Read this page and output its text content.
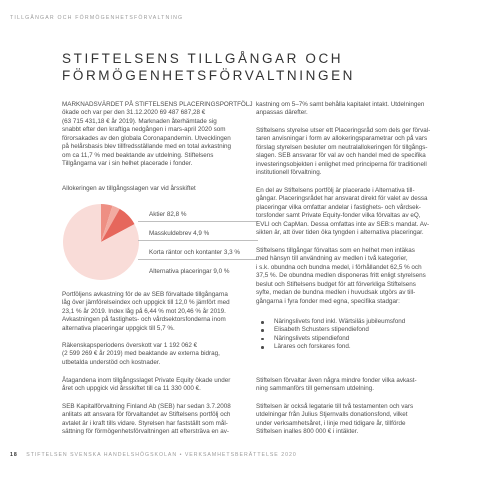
TILLGÅNGAR OCH FÖRMÖGENHETSFÖRVALTNING
STIFTELSENS TILLGÅNGAR OCH
FÖRMÖGENHETSFÖRVALTNINGEN

MARKNADSVÄRDET PÅ STIFTELSENS PLACERINGSPORTFÖLJ

ökade och var per den 31.12.2020 69 487 687,28 €

(63 715 431,18 € år 2019). Marknaden återhämtade sig

snabbt efter den kraftiga nedgången i mars-april 2020 som

förorsakades av den globala Coronapandemin. Utvecklingen

på helårsbasis blev tillfredsställande med en total avkastning

om ca 11,7 % med beaktande av utdelning. Stiftelsens

Tillgångarna var i sin helhet placerade i fonder.

Allokeringen av tillgångsslagen var vid årsskiftet

Aktier 82,8 %
Masskuldebrev 4,9 %
Korta räntor och kontanter 3,3 %
Alternativa placeringar 9,0 %

Portföljens avkastning för de av SEB förvaltade tillgångarna

låg över jämförelseindex och uppgick till 12,0 % jämfört med

23,1 % år 2019. Index låg på 6,44 % mot 20,46 % år 2019.

Avkastningen på fastighets- och vårdsektorsfonderna inom

alternativa placeringar uppgick till 5,7 %.

Räkenskapsperiodens överskott var 1 192 062 €

(2 599 269 € år 2019) med beaktande av externa bidrag,

utbetalda understöd och kostnader.

Åtagandena inom tillgångsslaget Private Equity ökade under

året och uppgick vid årsskiftet till ca 11 330 000 €.

SEB Kapitalförvaltning Finland Ab (SEB) har sedan 3.7.2008

anlitats att ansvara för förvaltandet av Stiftelsens portfölj och

avtalet är i kraft tills vidare. Styrelsen har fastställt som mål-

sättning för förmögenhetsförvaltningen att eftersträva en av-

kastning om 5–7% samt behålla kapitalet intakt. Utdelningen

anpassas därefter.

Stiftelsens styrelse utser ett Placeringsråd som dels ger förval-

taren anvisningar i form av allokeringsparametrar och på vars

förslag styrelsen besluter om neutralallokeringen för tillgångs-

slagen. SEB ansvarar för val av och handel med de specifika

investeringsobjekten i enlighet med principerna för traditionell

institutionell förvaltning.

En del av Stiftelsens portfölj är placerade i Alternativa till-

gångar. Placeringsrådet har ansvarat direkt för valet av dessa

placeringar vilka omfattar andelar i fastighets- och vårdsek-

torsfonder samt Private Equity-fonder vilka förvaltas av eQ,

EVLI och CapMan. Dessa omfattas inte av SEB:s mandat. Av-

sikten är, att över tiden öka tyngden i alternativa placeringar.

Stiftelsens tillgångar förvaltas som en helhet men intäkas

med hänsyn till användning av medlen i två kategorier,

i s.k. obundna och bundna medel, i förhållandet 62,5 % och

37,5 %. De obundna medlen disponeras fritt enligt styrelsens

beslut och Stiftelsens budget för att förverkliga Stiftelsens

syfte, medan de bundna medlen i huvudsak utgörs av till-

gångarna i fyra fonder med egna, specifika stadgar:

Näringslivets fond inkl. Wärtsiläs jubileumsfond
Elisabeth Schusters stipendiefond
Näringslivets stipendiefond
Lärares och forskares fond.

Stiftelsen förvaltar även några mindre fonder vilka avkast-

ning sammanförs till gemensam utdelning.

Stiftelsen är också legatarie till två testamenten och vars

utdelningar från Julius Stjernvalls donationsfond, vilket

under verksamhetsåret, i linje med tidigare år, tillförde

Stiftelsen inalles 800 000 € i intäkter.

18 STIFTELSEN SVENSKA HANDELSHÖGSKOLAN • VERKSAMHETSBERÄTTELSE 2020
